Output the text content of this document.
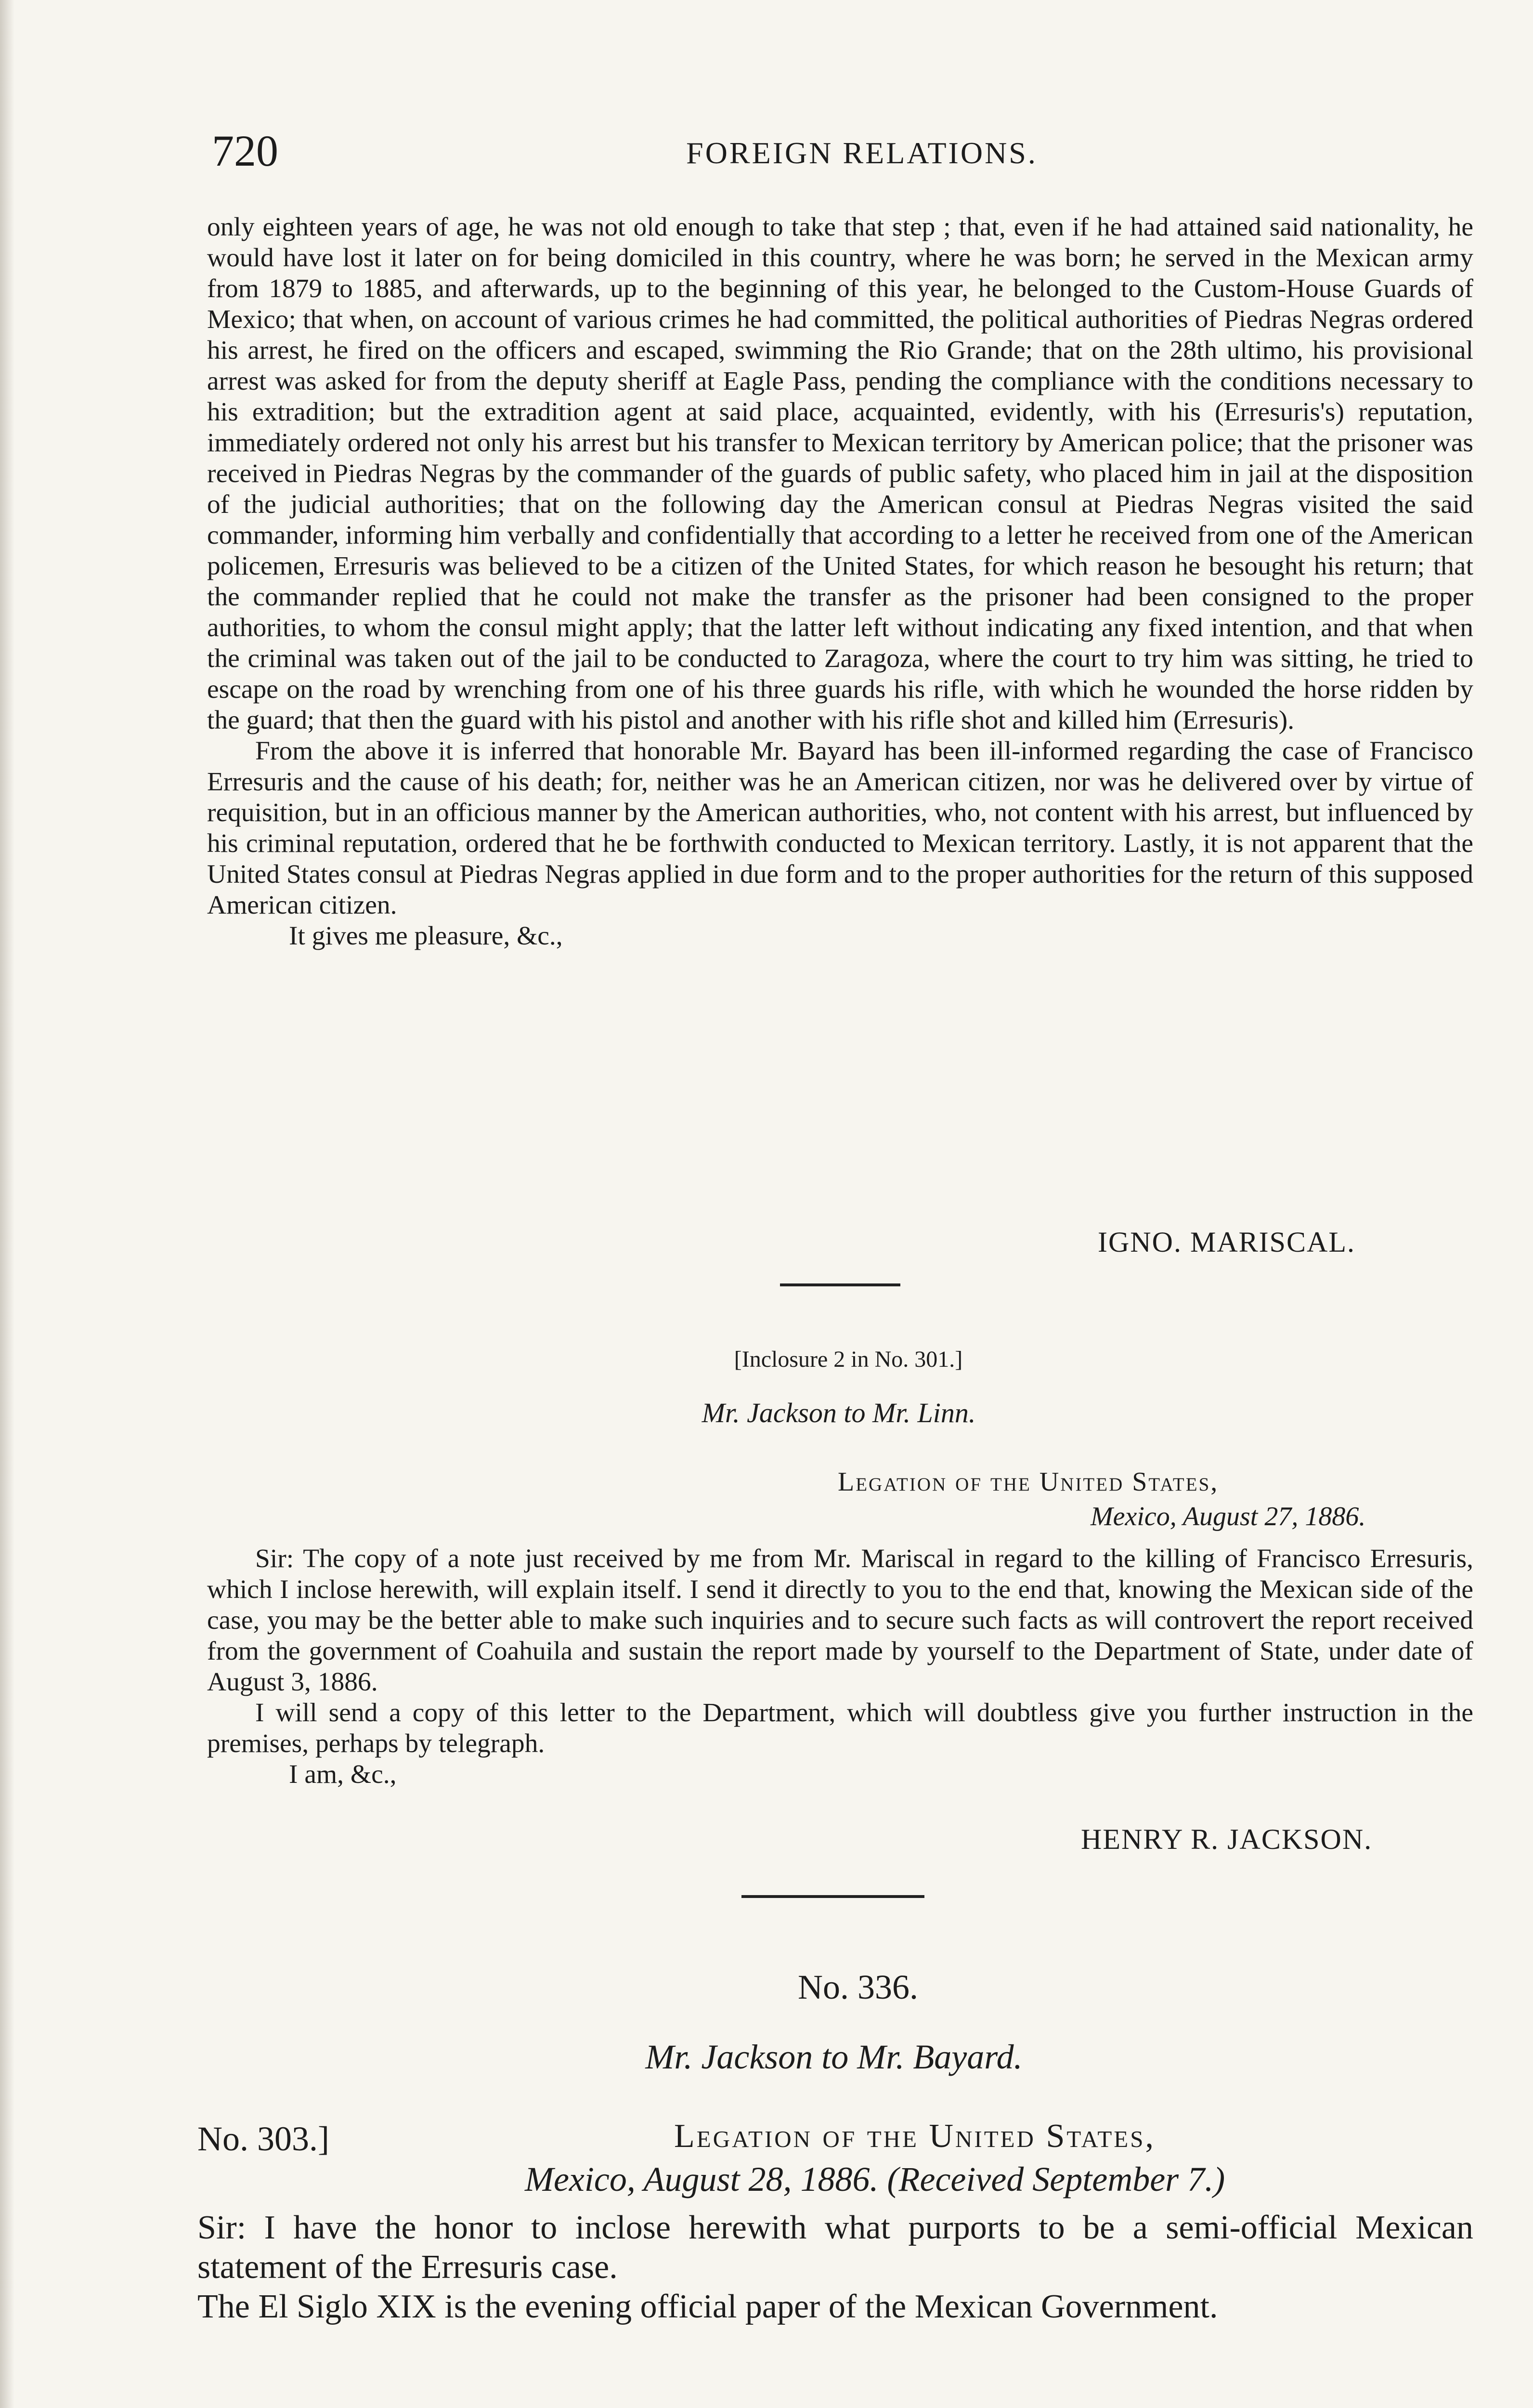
720	FOREIGN RELATIONS.

only eighteen years of age, he was not old enough to take that step ; that, even if he had attained said nationality, he would have lost it later on for being domiciled in this country, where he was born; he served in the Mexican army from 1879 to 1885, and afterwards, up to the beginning of this year, he belonged to the Custom-House Guards of Mexico; that when, on account of various crimes he had committed, the political authorities of Piedras Negras ordered his arrest, he fired on the officers and escaped, swimming the Rio Grande; that on the 28th ultimo, his provisional arrest was asked for from the deputy sheriff at Eagle Pass, pending the compliance with the conditions necessary to his extradition; but the extradition agent at said place, acquainted, evidently, with his (Erresuris's) reputation, immediately ordered not only his arrest but his transfer to Mexican territory by American police; that the prisoner was received in Piedras Negras by the commander of the guards of public safety, who placed him in jail at the disposition of the judicial authorities; that on the following day the American consul at Piedras Negras visited the said commander, informing him verbally and confidentially that according to a letter he received from one of the American policemen, Erresuris was believed to be a citizen of the United States, for which reason he besought his return; that the commander replied that he could not make the transfer as the prisoner had been consigned to the proper authorities, to whom the consul might apply; that the latter left without indicating any fixed intention, and that when the criminal was taken out of the jail to be conducted to Zaragoza, where the court to try him was sitting, he tried to escape on the road by wrenching from one of his three guards his rifle, with which he wounded the horse ridden by the guard; that then the guard with his pistol and another with his rifle shot and killed him (Erresuris).

From the above it is inferred that honorable Mr. Bayard has been ill-informed regarding the case of Francisco Erresuris and the cause of his death; for, neither was he an American citizen, nor was he delivered over by virtue of requisition, but in an officious manner by the American authorities, who, not content with his arrest, but influenced by his criminal reputation, ordered that he be forthwith conducted to Mexican territory. Lastly, it is not apparent that the United States consul at Piedras Negras applied in due form and to the proper authorities for the return of this supposed American citizen.

It gives me pleasure, &c.,

IGNO. MARISCAL.
[Inclosure 2 in No. 301.]
Mr. Jackson to Mr. Linn.
Legation of the United States,
Mexico, August 27, 1886.

Sir: The copy of a note just received by me from Mr. Mariscal in regard to the killing of Francisco Erresuris, which I inclose herewith, will explain itself. I send it directly to you to the end that, knowing the Mexican side of the case, you may be the better able to make such inquiries and to secure such facts as will controvert the report received from the government of Coahuila and sustain the report made by yourself to the Department of State, under date of August 3, 1886.

I will send a copy of this letter to the Department, which will doubtless give you further instruction in the premises, perhaps by telegraph.

I am, &c.,

HENRY R. JACKSON.
No. 336.
Mr. Jackson to Mr. Bayard.
No. 303.]	Legation of the United States,
Mexico, August 28, 1886. (Received September 7.)

Sir: I have the honor to inclose herewith what purports to be a semi-official Mexican statement of the Erresuris case.

The El Siglo XIX is the evening official paper of the Mexican Government.
